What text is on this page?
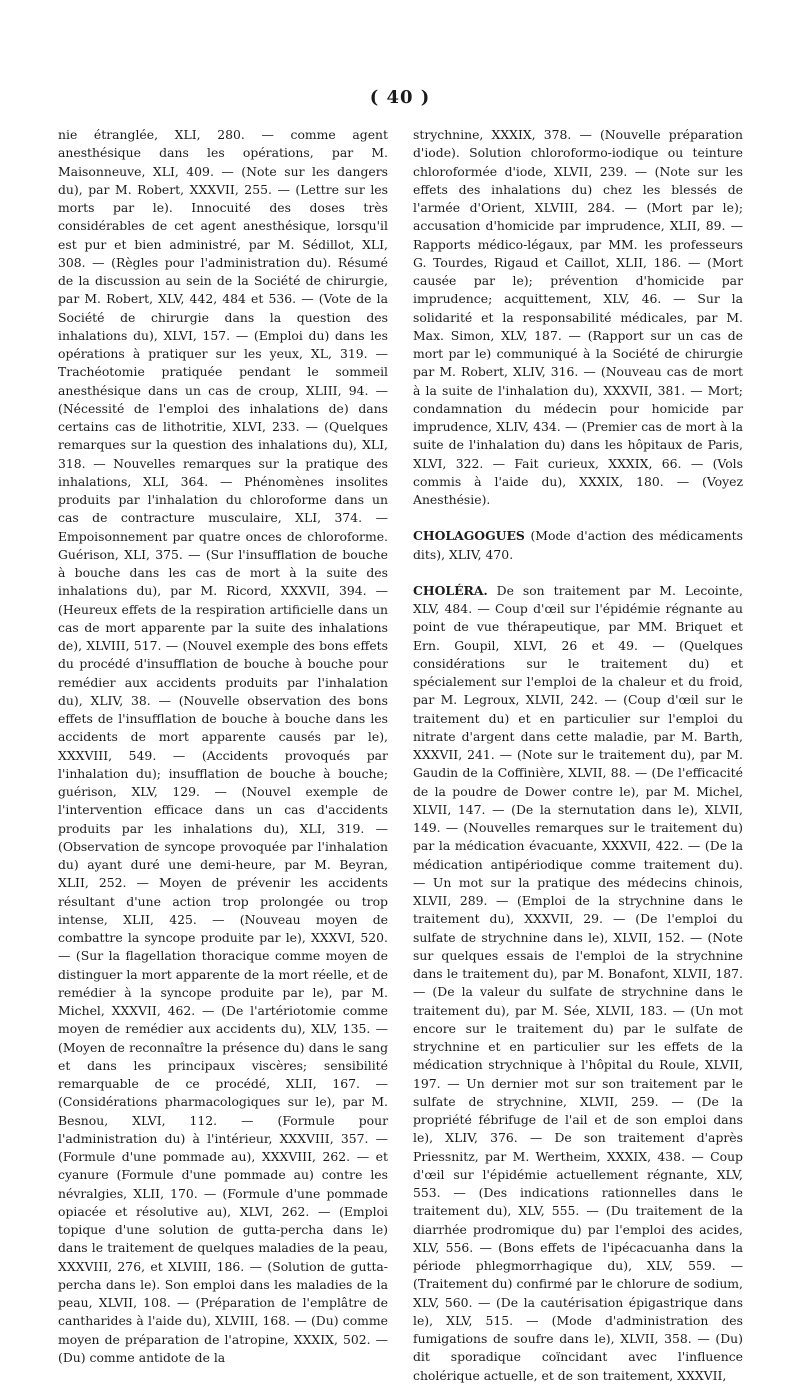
( 40 )

nie étranglée, XLI, 280. — comme agent anesthésique dans les opérations, par M. Maisonneuve, XLI, 409. — (Note sur les dangers du), par M. Robert, XXXVII, 255. — (Lettre sur les morts par le). Innocuité des doses très considérables de cet agent anesthésique, lorsqu'il est pur et bien administré, par M. Sédillot, XLI, 308. — (Règles pour l'administration du). Résumé de la discussion au sein de la Société de chirurgie, par M. Robert, XLV, 442, 484 et 536. — (Vote de la Société de chirurgie dans la question des inhalations du), XLVI, 157. — (Emploi du) dans les opérations à pratiquer sur les yeux, XL, 319. — Trachéotomie pratiquée pendant le sommeil anesthésique dans un cas de croup, XLIII, 94. — (Nécessité de l'emploi des inhalations de) dans certains cas de lithotritie, XLVI, 233. — (Quelques remarques sur la question des inhalations du), XLI, 318. — Nouvelles remarques sur la pratique des inhalations, XLI, 364. — Phénomènes insolites produits par l'inhalation du chloroforme dans un cas de contracture musculaire, XLI, 374. — Empoisonnement par quatre onces de chloroforme. Guérison, XLI, 375. — (Sur l'insufflation de bouche à bouche dans les cas de mort à la suite des inhalations du), par M. Ricord, XXXVII, 394. — (Heureux effets de la respiration artificielle dans un cas de mort apparente par la suite des inhalations de), XLVIII, 517. — (Nouvel exemple des bons effets du procédé d'insufflation de bouche à bouche pour remédier aux accidents produits par l'inhalation du), XLIV, 38. — (Nouvelle observation des bons effets de l'insufflation de bouche à bouche dans les accidents de mort apparente causés par le), XXXVIII, 549. — (Accidents provoqués par l'inhalation du); insufflation de bouche à bouche; guérison, XLV, 129. — (Nouvel exemple de l'intervention efficace dans un cas d'accidents produits par les inhalations du), XLI, 319. — (Observation de syncope provoquée par l'inhalation du) ayant duré une demi-heure, par M. Beyran, XLII, 252. — Moyen de prévenir les accidents résultant d'une action trop prolongée ou trop intense, XLII, 425. — (Nouveau moyen de combattre la syncope produite par le), XXXVI, 520. — (Sur la flagellation thoracique comme moyen de distinguer la mort apparente de la mort réelle, et de remédier à la syncope produite par le), par M. Michel, XXXVII, 462. — (De l'artériotomie comme moyen de remédier aux accidents du), XLV, 135. — (Moyen de reconnaître la présence du) dans le sang et dans les principaux viscères; sensibilité remarquable de ce procédé, XLII, 167. — (Considérations pharmacologiques sur le), par M. Besnou, XLVI, 112. — (Formule pour l'administration du) à l'intérieur, XXXVIII, 357. — (Formule d'une pommade au), XXXVIII, 262. — et cyanure (Formule d'une pommade au) contre les névralgies, XLII, 170. — (Formule d'une pommade opiacée et résolutive au), XLVI, 262. — (Emploi topique d'une solution de gutta-percha dans le) dans le traitement de quelques maladies de la peau, XXXVIII, 276, et XLVIII, 186. — (Solution de gutta-percha dans le). Son emploi dans les maladies de la peau, XLVII, 108. — (Préparation de l'emplâtre de cantharides à l'aide du), XLVIII, 168. — (Du) comme moyen de préparation de l'atropine, XXXIX, 502. — (Du) comme antidote de la

strychnine, XXXIX, 378. — (Nouvelle préparation d'iode). Solution chloroformo-iodique ou teinture chloroformée d'iode, XLVII, 239. — (Note sur les effets des inhalations du) chez les blessés de l'armée d'Orient, XLVIII, 284. — (Mort par le); accusation d'homicide par imprudence, XLII, 89. — Rapports médico-légaux, par MM. les professeurs G. Tourdes, Rigaud et Caillot, XLII, 186. — (Mort causée par le); prévention d'homicide par imprudence; acquittement, XLV, 46. — Sur la solidarité et la responsabilité médicales, par M. Max. Simon, XLV, 187. — (Rapport sur un cas de mort par le) communiqué à la Société de chirurgie par M. Robert, XLIV, 316. — (Nouveau cas de mort à la suite de l'inhalation du), XXXVII, 381. — Mort; condamnation du médecin pour homicide par imprudence, XLIV, 434. — (Premier cas de mort à la suite de l'inhalation du) dans les hôpitaux de Paris, XLVI, 322. — Fait curieux, XXXIX, 66. — (Vols commis à l'aide du), XXXIX, 180. — (Voyez Anesthésie).

CHOLAGOGUES (Mode d'action des médicaments dits), XLIV, 470.

CHOLÉRA. De son traitement par M. Lecointe, XLV, 484. — Coup d'œil sur l'épidémie régnante au point de vue thérapeutique, par MM. Briquet et Ern. Goupil, XLVI, 26 et 49. — (Quelques considérations sur le traitement du) et spécialement sur l'emploi de la chaleur et du froid, par M. Legroux, XLVII, 242. — (Coup d'œil sur le traitement du) et en particulier sur l'emploi du nitrate d'argent dans cette maladie, par M. Barth, XXXVII, 241. — (Note sur le traitement du), par M. Gaudin de la Coffinière, XLVII, 88. — (De l'efficacité de la poudre de Dower contre le), par M. Michel, XLVII, 147. — (De la sternutation dans le), XLVII, 149. — (Nouvelles remarques sur le traitement du) par la médication évacuante, XXXVII, 422. — (De la médication antipériodique comme traitement du). — Un mot sur la pratique des médecins chinois, XLVII, 289. — (Emploi de la strychnine dans le traitement du), XXXVII, 29. — (De l'emploi du sulfate de strychnine dans le), XLVII, 152. — (Note sur quelques essais de l'emploi de la strychnine dans le traitement du), par M. Bonafont, XLVII, 187. — (De la valeur du sulfate de strychnine dans le traitement du), par M. Sée, XLVII, 183. — (Un mot encore sur le traitement du) par le sulfate de strychnine et en particulier sur les effets de la médication strychnique à l'hôpital du Roule, XLVII, 197. — Un dernier mot sur son traitement par le sulfate de strychnine, XLVII, 259. — (De la propriété fébrifuge de l'ail et de son emploi dans le), XLIV, 376. — De son traitement d'après Priessnitz, par M. Wertheim, XXXIX, 438. — Coup d'œil sur l'épidémie actuellement régnante, XLV, 553. — (Des indications rationnelles dans le traitement du), XLV, 555. — (Du traitement de la diarrhée prodromique du) par l'emploi des acides, XLV, 556. — (Bons effets de l'ipécacuanha dans la période phlegmorrhagique du), XLV, 559. — (Traitement du) confirmé par le chlorure de sodium, XLV, 560. — (De la cautérisation épigastrique dans le), XLV, 515. — (Mode d'administration des fumigations de soufre dans le), XLVII, 358. — (Du) dit sporadique coïncidant avec l'influence cholérique actuelle, et de son traitement, XXXVII,
